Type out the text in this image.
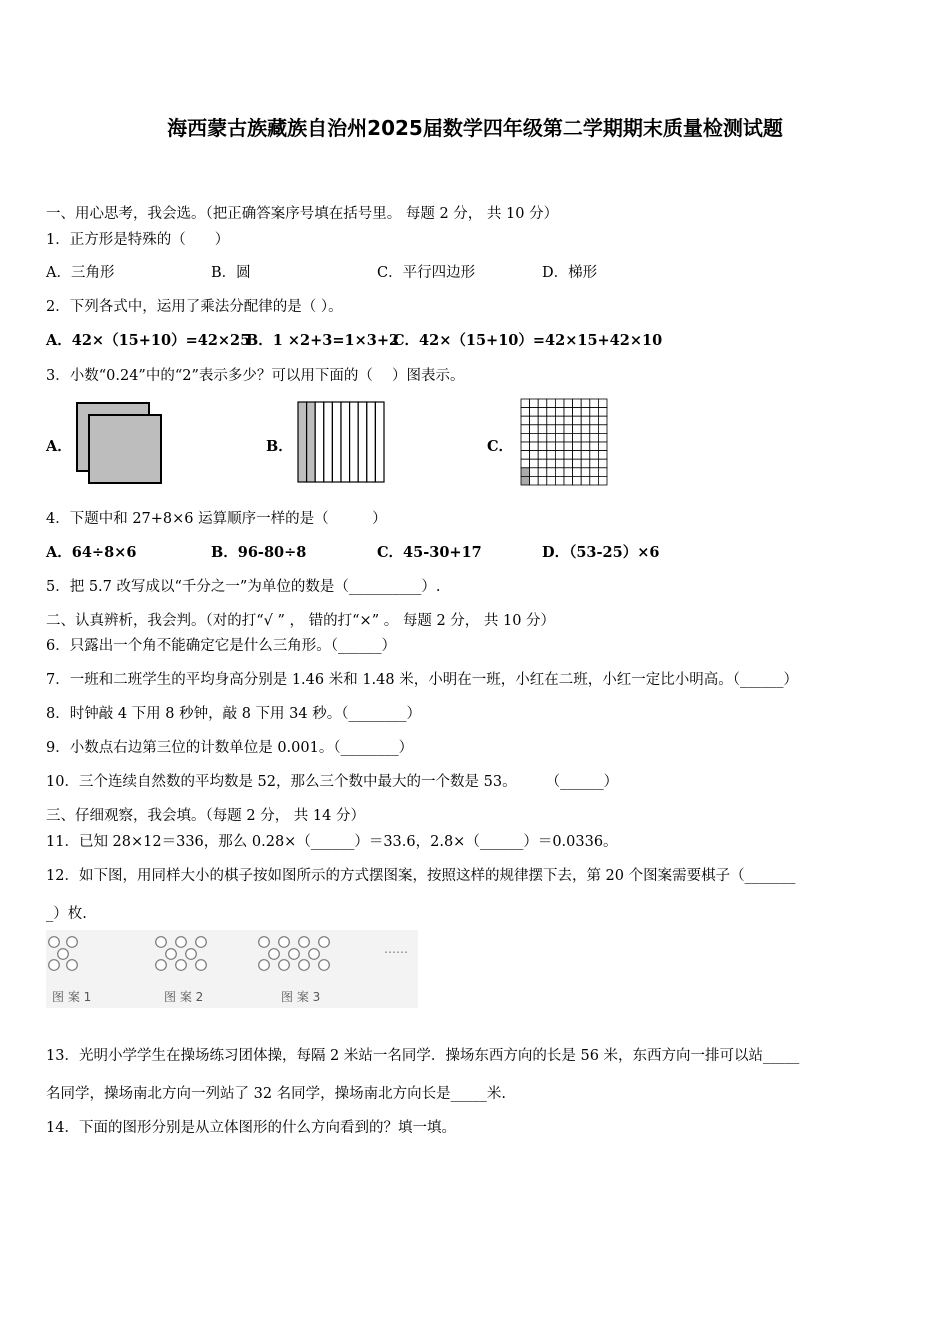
海西蒙古族藏族自治州2025届数学四年级第二学期期末质量检测试题
一、用心思考，我会选。（把正确答案序号填在括号里。 每题 2 分， 共 10 分）
1．正方形是特殊的（　　）
A．三角形	B．圆	C．平行四边形	D．梯形
2．下列各式中，运用了乘法分配律的是（ ）。
A．42×（15+10）=42×25
B．1 ×2+3=1×3+2
C．42×（15+10）=42×15+42×10
3．小数“0.24”中的“2”表示多少？可以用下面的（　 ）图表示。
A．	B．	C．
4．下题中和 27+8×6 运算顺序一样的是（　　　）
A．64÷8×6	B．96-80÷8	C．45-30+17	D．（53-25）×6
5．把 5.7 改写成以“千分之一”为单位的数是（__________）.
二、认真辨析，我会判。（对的打“√ ” ， 错的打“×” 。 每题 2 分， 共 10 分）
6．只露出一个角不能确定它是什么三角形。（______）
7．一班和二班学生的平均身高分别是 1.46 米和 1.48 米，小明在一班，小红在二班，小红一定比小明高。（______）
8．时钟敲 4 下用 8 秒钟，敲 8 下用 34 秒。（________）
9．小数点右边第三位的计数单位是 0.001。（________）
10．三个连续自然数的平均数是 52，那么三个数中最大的一个数是 53。　　　（______）
三、仔细观察，我会填。（每题 2 分， 共 14 分）
11．已知 28×12＝336，那么 0.28×（______）＝33.6，2.8×（______）＝0.0336。
12．如下图，用同样大小的棋子按如图所示的方式摆图案，按照这样的规律摆下去，第 20 个图案需要棋子（_______
_）枚.
图 案 1	图 案 2	图 案 3
……
13．光明小学学生在操场练习团体操，每隔 2 米站一名同学．操场东西方向的长是 56 米，东西方向一排可以站_____
名同学，操场南北方向一列站了 32 名同学，操场南北方向长是_____米.
14．下面的图形分别是从立体图形的什么方向看到的？填一填。
